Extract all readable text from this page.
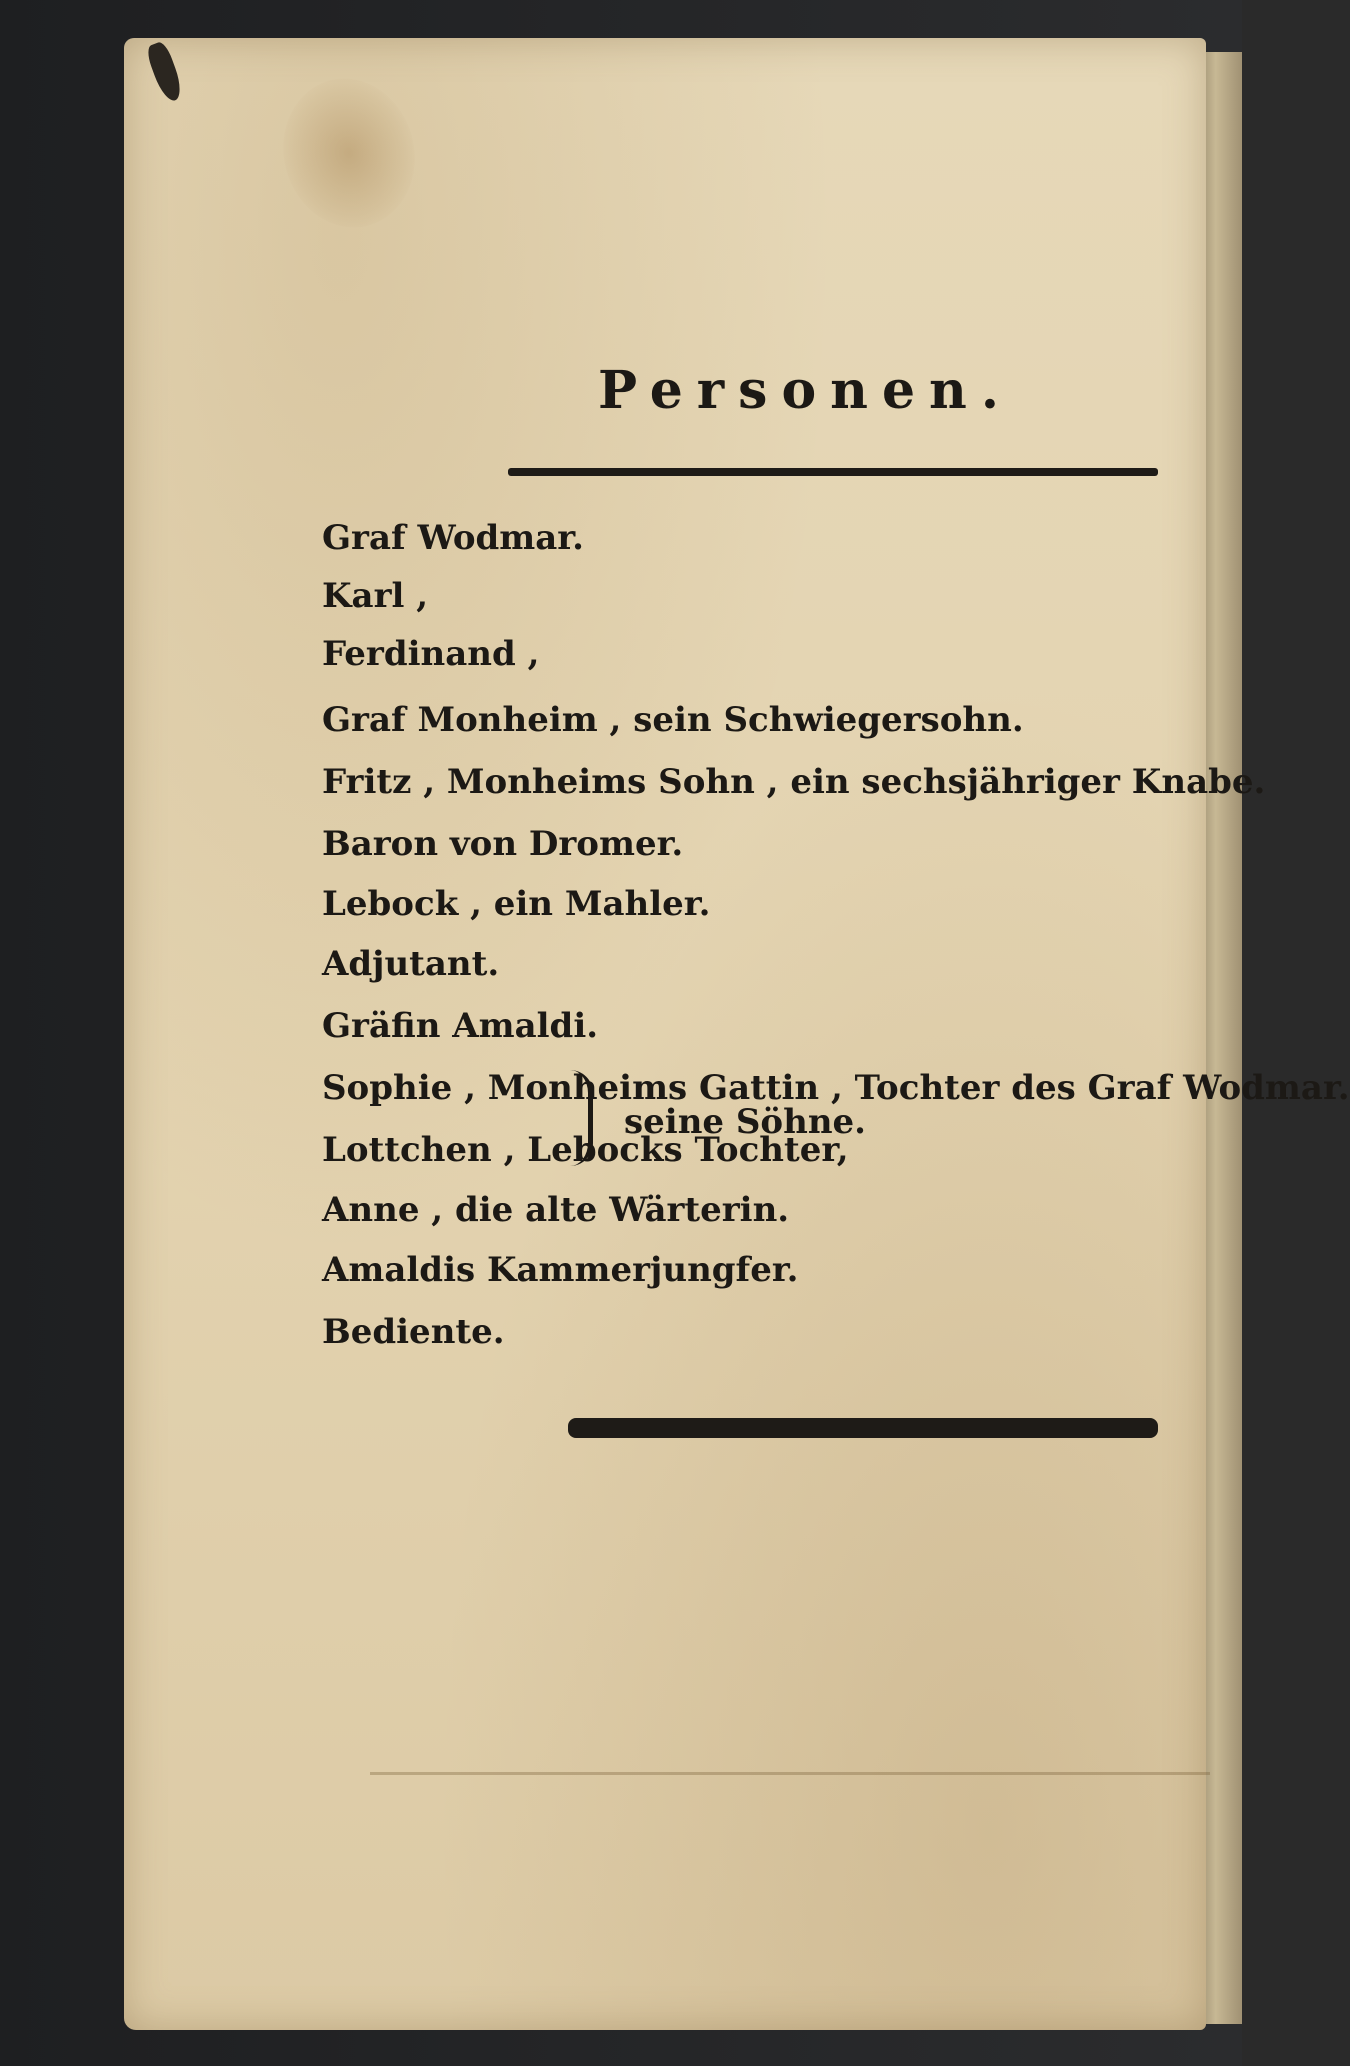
Personen.
Graf Wodmar.
Karl ,
Ferdinand ,
seine Söhne.
Graf Monheim , sein Schwiegersohn.
Fritz , Monheims Sohn , ein sechsjähriger Knabe.
Baron von Dromer.
Lebock , ein Mahler.
Adjutant.
Gräfin Amaldi.
Sophie , Monheims Gattin , Tochter des Graf Wodmar.
Lottchen , Lebocks Tochter,
Anne , die alte Wärterin.
Amaldis Kammerjungfer.
Bediente.
